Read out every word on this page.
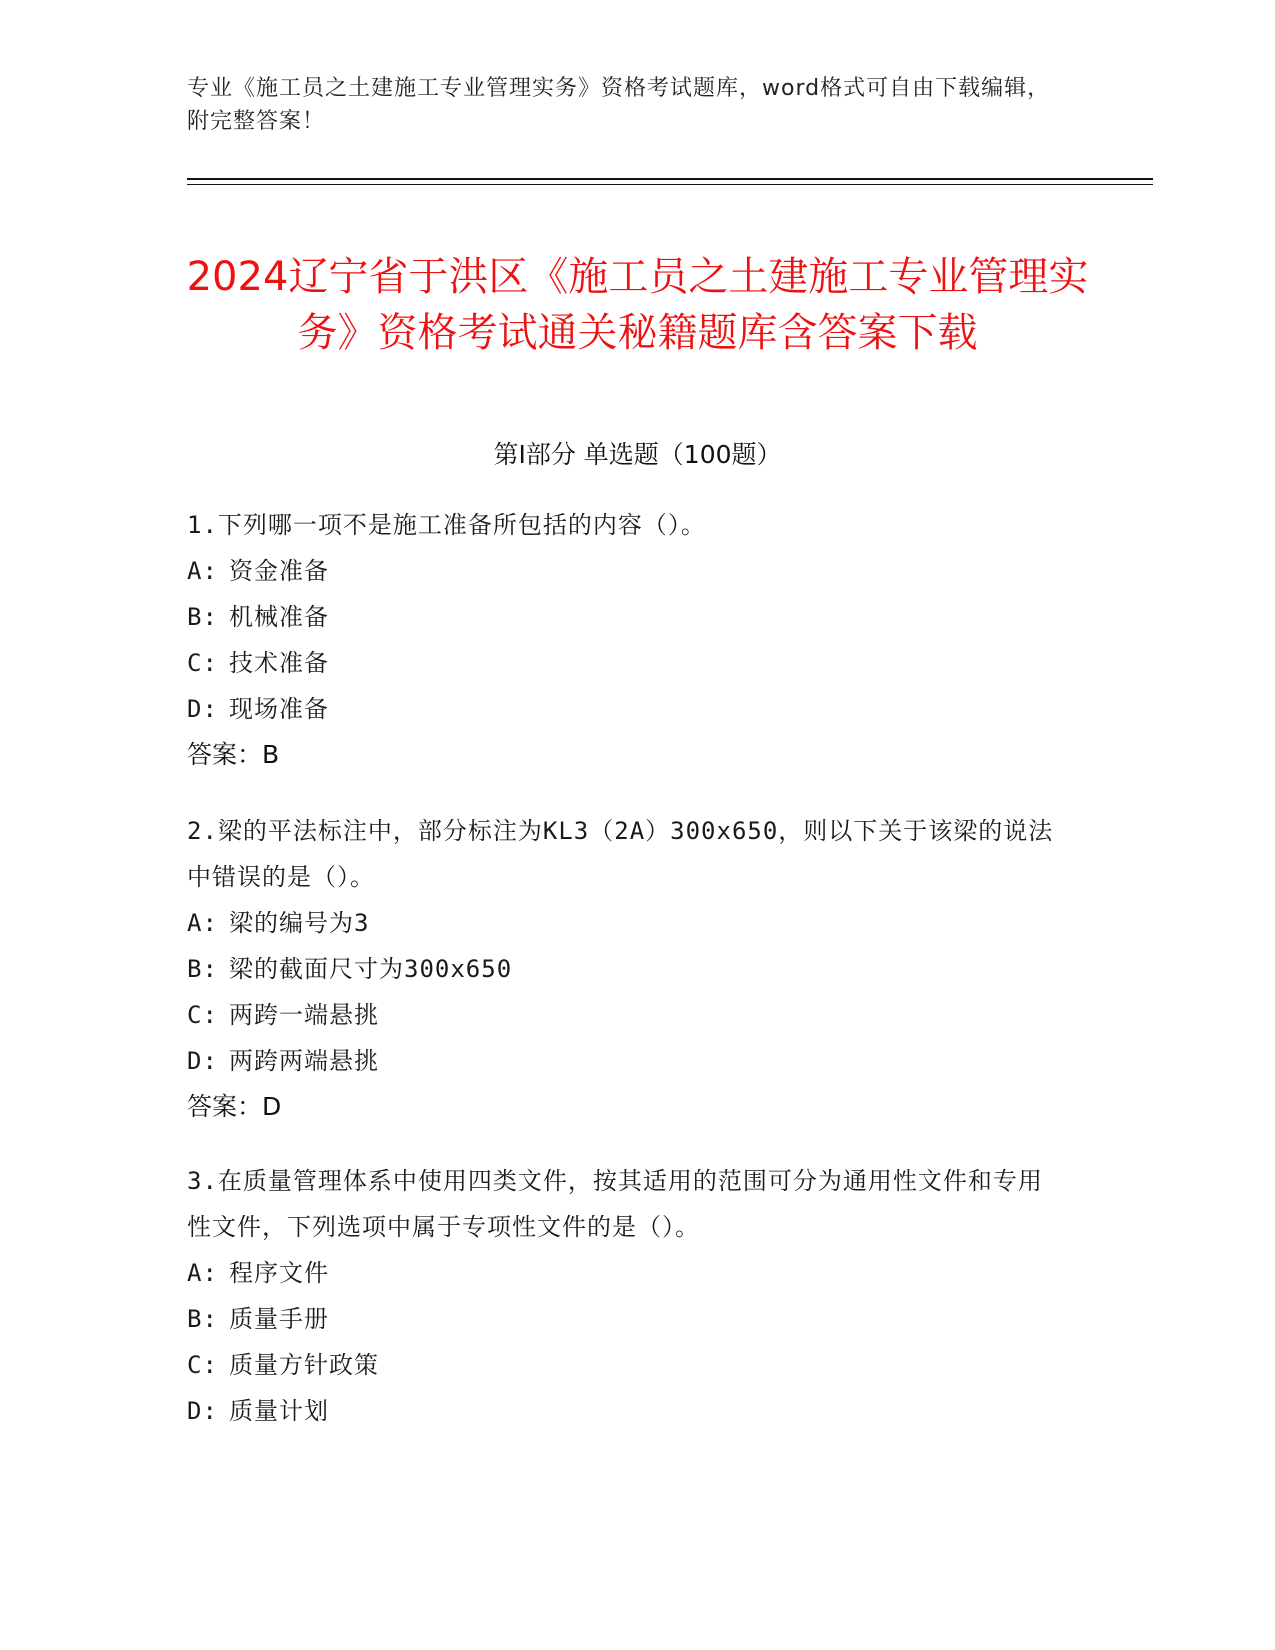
专业《施工员之土建施工专业管理实务》资格考试题库，word格式可自由下载编辑，附完整答案！
2024辽宁省于洪区《施工员之土建施工专业管理实务》资格考试通关秘籍题库含答案下载
第I部分 单选题（100题）
1.下列哪一项不是施工准备所包括的内容（）。
A: 资金准备
B: 机械准备
C: 技术准备
D: 现场准备
答案：B
2.梁的平法标注中，部分标注为KL3（2A）300x650，则以下关于该梁的说法中错误的是（）。
A: 梁的编号为3
B: 梁的截面尺寸为300x650
C: 两跨一端悬挑
D: 两跨两端悬挑
答案：D
3.在质量管理体系中使用四类文件，按其适用的范围可分为通用性文件和专用性文件，下列选项中属于专项性文件的是（）。
A: 程序文件
B: 质量手册
C: 质量方针政策
D: 质量计划
